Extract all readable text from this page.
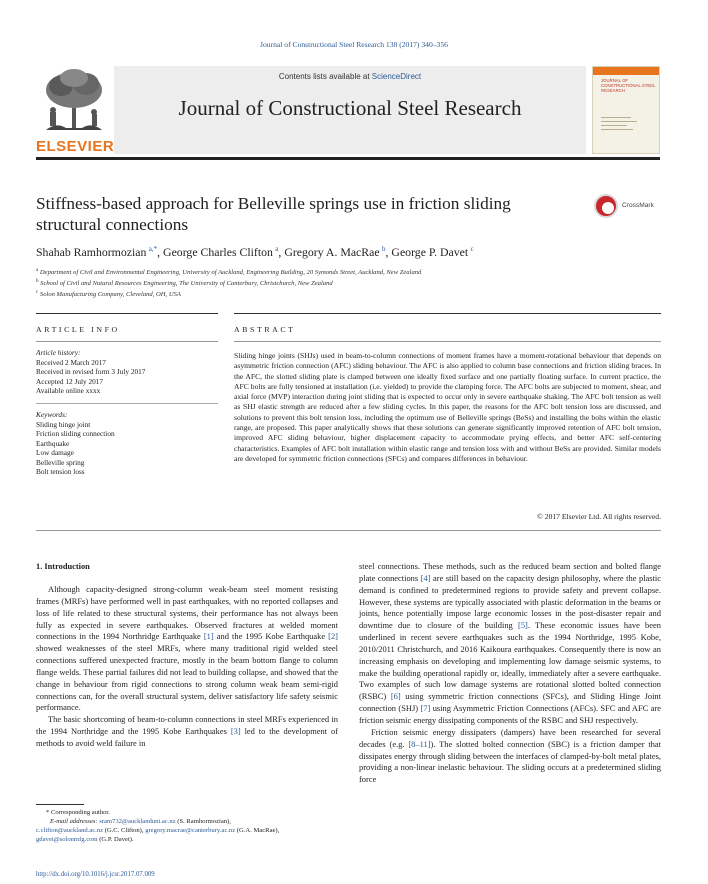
Journal of Constructional Steel Research 138 (2017) 340–356
ELSEVIER
Contents lists available at ScienceDirect
Journal of Constructional Steel Research
JOURNAL OF CONSTRUCTIONAL STEEL RESEARCH
Stiffness-based approach for Belleville springs use in friction sliding structural connections
CrossMark
Shahab Ramhormozian  $^{a,*}$, George Charles Clifton  $^a$, Gregory A. MacRae  $^b$, George P. Davet  $^c$
$^a$ Department of Civil and Environmental Engineering, University of Auckland, Engineering Building, 20 Symonds Street, Auckland, New Zealand
$^b$ School of Civil and Natural Resources Engineering, The University of Canterbury, Christchurch, New Zealand
$^c$ Solon Manufacturing Company, Cleveland, OH, USA
ARTICLE INFO	ABSTRACT
Article history:
Received 2 March 2017
Received in revised form 3 July 2017
Accepted 12 July 2017
Available online xxxx
Keywords:
Sliding hinge joint
Friction sliding connection
Earthquake
Low damage
Belleville spring
Bolt tension loss
Sliding hinge joints (SHJs) used in beam-to-column connections of moment frames have a moment-rotational behaviour that depends on asymmetric friction connection (AFC) sliding behaviour. The AFC is also applied to column base connections and friction sliding braces. In the AFC, the slotted sliding plate is clamped between one ideally fixed surface and one partially floating surface. In current practice, the AFC bolts are fully tensioned at installation (i.e. yielded) to provide the clamping force. The AFC bolts are subjected to moment, shear, and axial force (MVP) interaction during joint sliding that is expected to occur only in severe earthquake shaking. The AFC bolt tension as well as SHJ elastic strength are reduced after a few sliding cycles. In this paper, the reasons for the AFC bolt tension loss are discussed, and solutions to prevent this bolt tension loss, including the optimum use of Belleville springs (BeSs) and installing the bolts within the elastic range, are proposed. This paper analytically shows that these solutions can generate significantly improved retention of AFC bolt tension, improved AFC sliding behaviour, higher displacement capacity to accommodate prying effects, and better AFC self-centering characteristics. Examples of AFC bolt installation within elastic range and tension loss with and without BeSs are provided. Similar models are developed for symmetric friction connections (SFCs) and compares differences in behaviour.
© 2017 Elsevier Ltd. All rights reserved.
1. Introduction

Although capacity-designed strong-column weak-beam steel moment resisting frames (MRFs) have performed well in past earthquakes, with no reported collapses and loss of life related to these structural systems, their performance has not always been fully as expected in severe earthquakes. Observed fractures at welded moment connections in the 1994 Northridge Earthquake [1] and the 1995 Kobe Earthquake [2] showed weaknesses of the steel MRFs, where many traditional rigid welded steel connections suffered unexpected fracture, mostly in the beam bottom flange to column flange welds. These partial failures did not lead to building collapse, and showed that the change in behaviour from rigid connections to strong column weak beam semi-rigid connections can, for the overall structural system, deliver satisfactory life safety seismic performance.

The basic shortcoming of beam-to-column connections in steel MRFs experienced in the 1994 Northridge and the 1995 Kobe Earthquakes [3] led to the development of methods to avoid weld failure in

steel connections. These methods, such as the reduced beam section and bolted flange plate connections [4] are still based on the capacity design philosophy, where the plastic demand is confined to predetermined regions to provide safety and prevent collapse. However, these systems are typically associated with plastic deformation in the beams or joints, hence potentially impose large economic losses in the post-disaster repair and downtime due to closure of the building [5]. These economic issues have been underlined in recent severe earthquakes such as the 1994 Northridge, 1995 Kobe, 2010/2011 Christchurch, and 2016 Kaikoura earthquakes. Consequently there is now an increasing emphasis on developing and implementing low damage seismic systems, to make the building operational rapidly or, ideally, immediately after a severe earthquake. Two examples of such low damage systems are rotational slotted bolted connection (RSBC) [6] using symmetric friction connections (SFCs), and Sliding Hinge Joint connection (SHJ) [7] using Asymmetric Friction Connections (AFCs). SFC and AFC are friction seismic energy dissipating components of the RSBC and SHJ respectively.

Friction seismic energy dissipaters (dampers) have been researched for several decades (e.g. [8–11]). The slotted bolted connection (SBC) is a friction damper that dissipates energy through sliding between the interfaces of clamped-by-bolt metal plates, providing a non-linear inelastic behaviour. The sliding occurs at a predetermined sliding force

* Corresponding author.
E-mail addresses: sram732@aucklanduni.ac.nz (S. Ramhormozian),
c.clifton@auckland.ac.nz (G.C. Clifton), gregory.macrae@canterbury.ac.nz (G.A. MacRae),
gdavet@solonmfg.com (G.P. Davet).
http://dx.doi.org/10.1016/j.jcsr.2017.07.009
